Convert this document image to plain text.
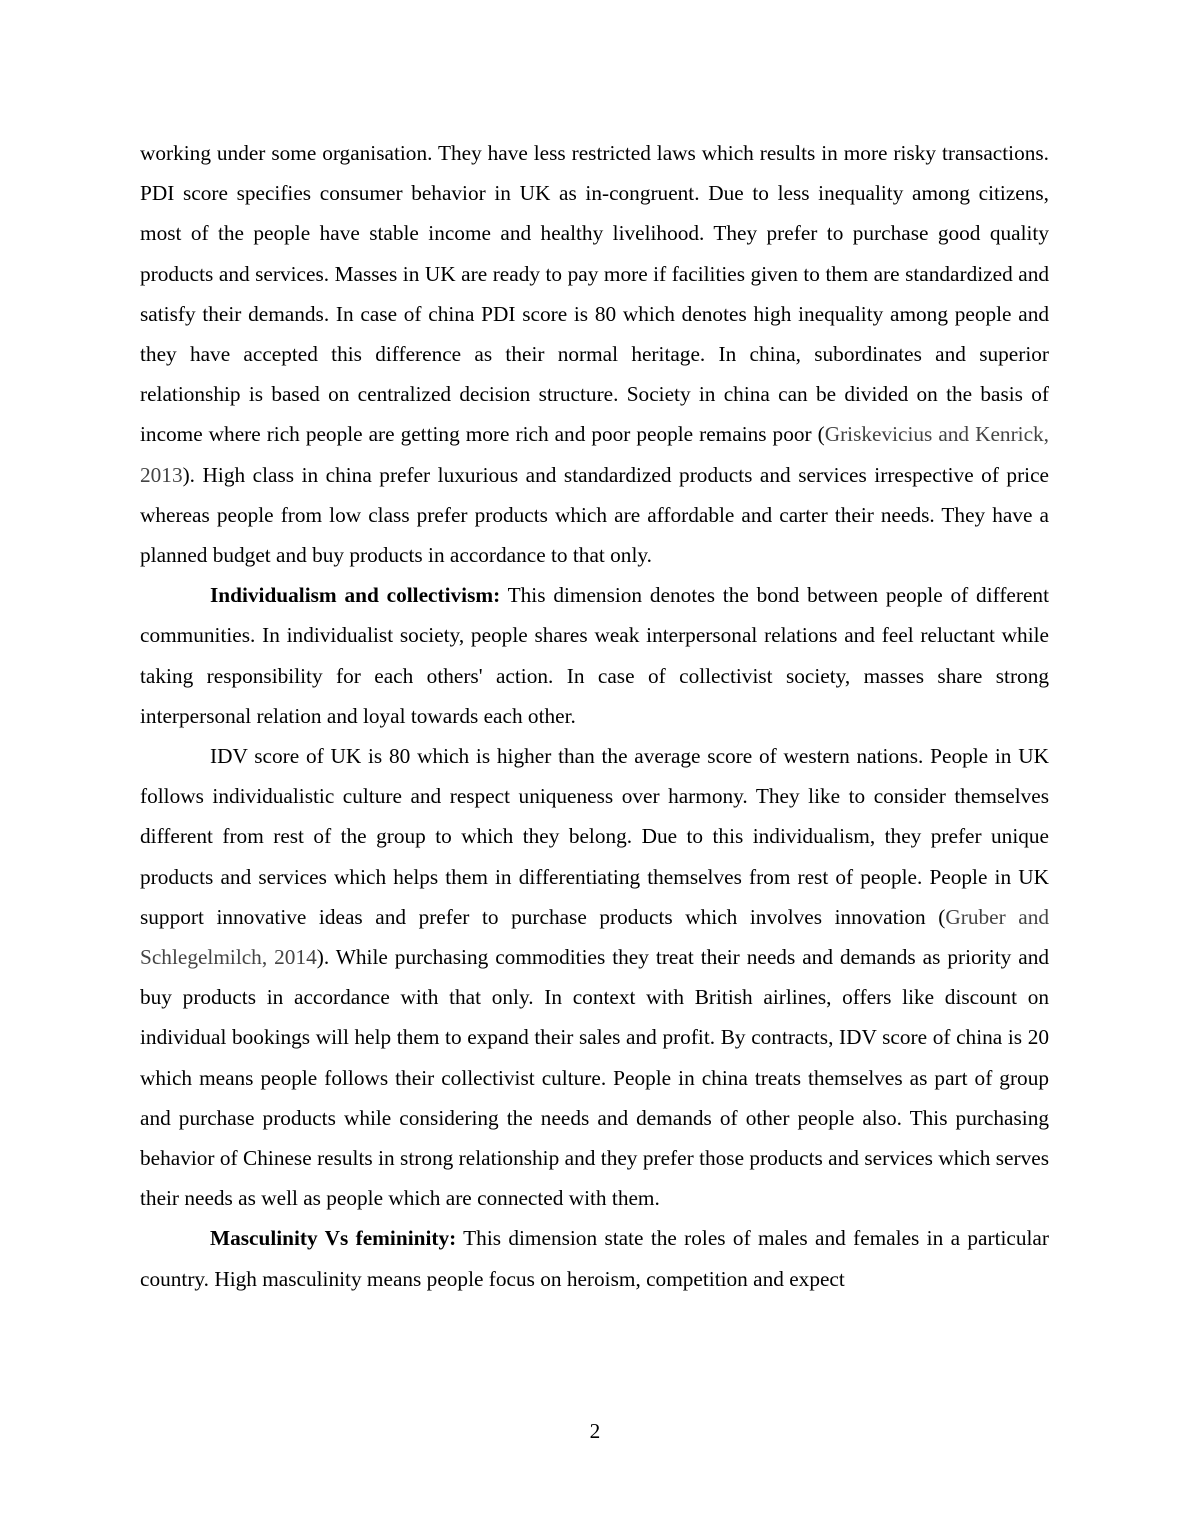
working under some organisation. They have less restricted laws which results in more risky transactions. PDI score specifies consumer behavior in UK as in-congruent. Due to less inequality among citizens, most of the people have stable income and healthy livelihood. They prefer to purchase good quality products and services. Masses in UK are ready to pay more if facilities given to them are standardized and satisfy their demands. In case of china PDI score is 80 which denotes high inequality among people and they have accepted this difference as their normal heritage. In china, subordinates and superior relationship is based on centralized decision structure. Society in china can be divided on the basis of income where rich people are getting more rich and poor people remains poor (Griskevicius and Kenrick, 2013). High class in china prefer luxurious and standardized products and services irrespective of price whereas people from low class prefer products which are affordable and carter their needs. They have a planned budget and buy products in accordance to that only.

Individualism and collectivism: This dimension denotes the bond between people of different communities. In individualist society, people shares weak interpersonal relations and feel reluctant while taking responsibility for each others' action. In case of collectivist society, masses share strong interpersonal relation and loyal towards each other.

IDV score of UK is 80 which is higher than the average score of western nations. People in UK follows individualistic culture and respect uniqueness over harmony. They like to consider themselves different from rest of the group to which they belong. Due to this individualism, they prefer unique products and services which helps them in differentiating themselves from rest of people. People in UK support innovative ideas and prefer to purchase products which involves innovation (Gruber and Schlegelmilch, 2014). While purchasing commodities they treat their needs and demands as priority and buy products in accordance with that only. In context with British airlines, offers like discount on individual bookings will help them to expand their sales and profit. By contracts, IDV score of china is 20 which means people follows their collectivist culture. People in china treats themselves as part of group and purchase products while considering the needs and demands of other people also. This purchasing behavior of Chinese results in strong relationship and they prefer those products and services which serves their needs as well as people which are connected with them.

Masculinity Vs femininity: This dimension state the roles of males and females in a particular country. High masculinity means people focus on heroism, competition and expect

2
